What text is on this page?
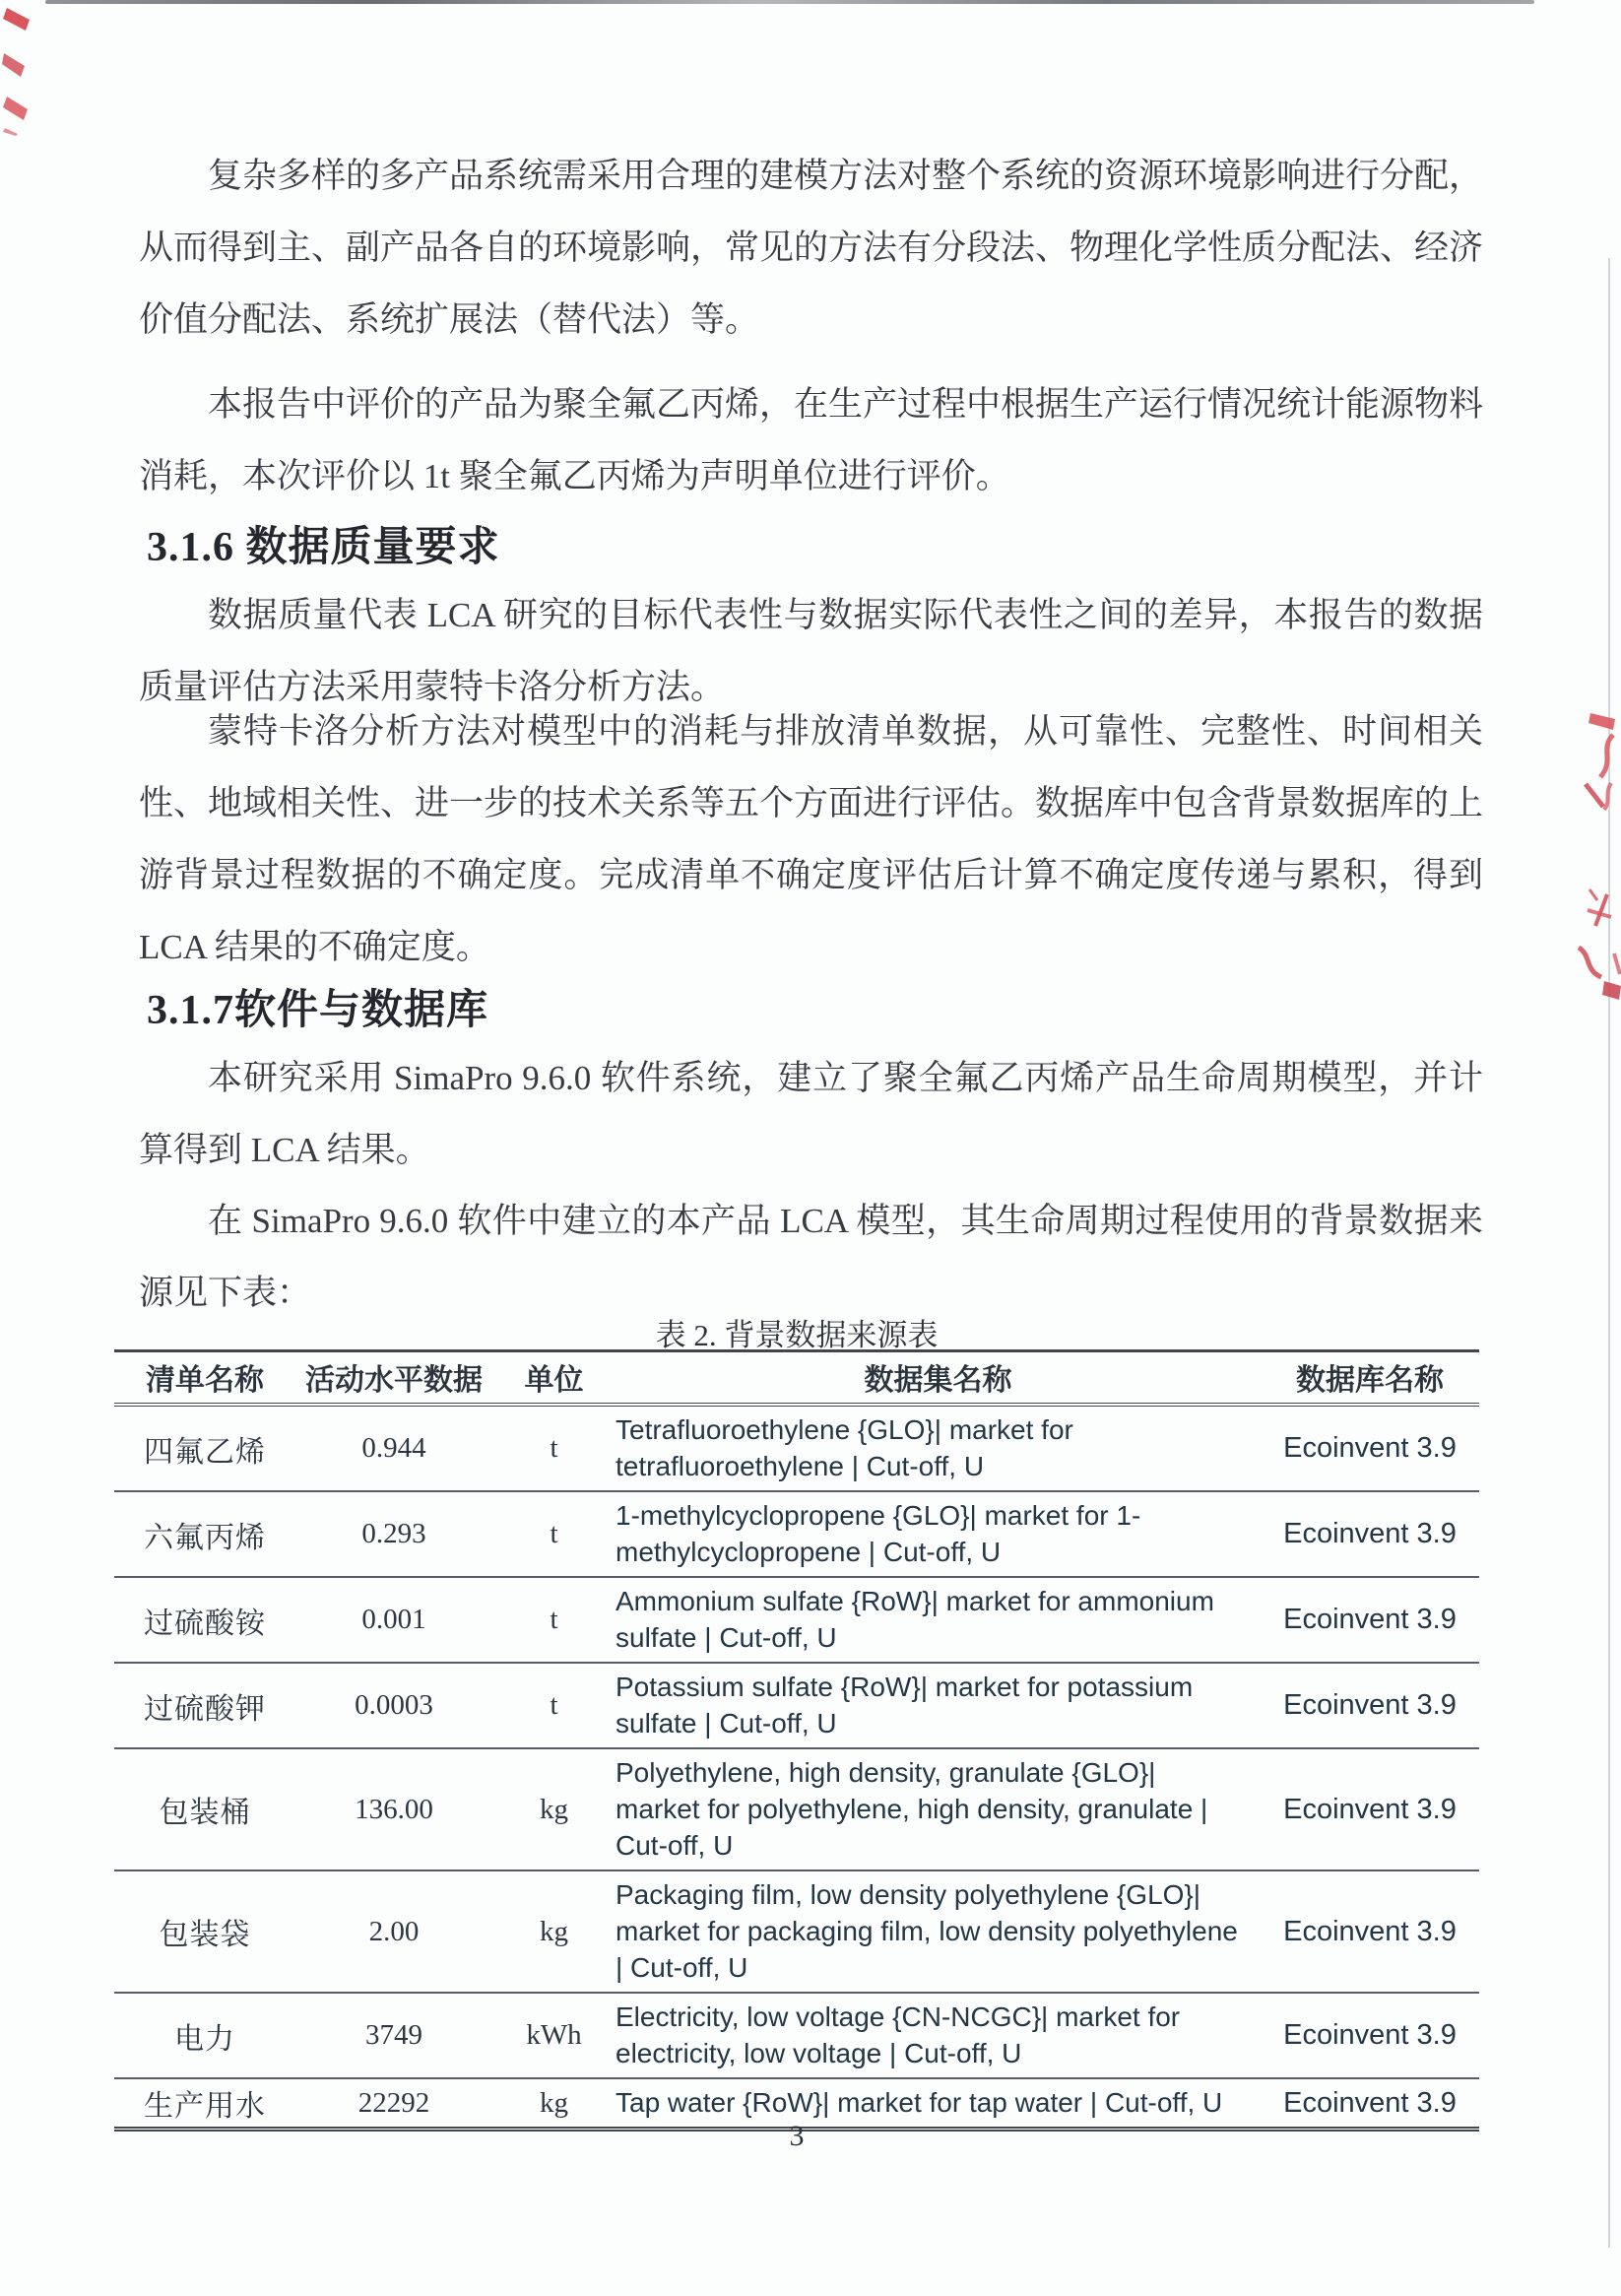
复杂多样的多产品系统需采用合理的建模方法对整个系统的资源环境影响进行分配，从而得到主、副产品各自的环境影响，常见的方法有分段法、物理化学性质分配法、经济价值分配法、系统扩展法（替代法）等。

本报告中评价的产品为聚全氟乙丙烯，在生产过程中根据生产运行情况统计能源物料消耗，本次评价以 1t 聚全氟乙丙烯为声明单位进行评价。

3.1.6 数据质量要求

数据质量代表 LCA 研究的目标代表性与数据实际代表性之间的差异，本报告的数据质量评估方法采用蒙特卡洛分析方法。

蒙特卡洛分析方法对模型中的消耗与排放清单数据，从可靠性、完整性、时间相关性、地域相关性、进一步的技术关系等五个方面进行评估。数据库中包含背景数据库的上游背景过程数据的不确定度。完成清单不确定度评估后计算不确定度传递与累积，得到 LCA 结果的不确定度。

3.1.7软件与数据库

本研究采用 SimaPro 9.6.0 软件系统，建立了聚全氟乙丙烯产品生命周期模型，并计算得到 LCA 结果。

在 SimaPro 9.6.0 软件中建立的本产品 LCA 模型，其生命周期过程使用的背景数据来源见下表：

表 2. 背景数据来源表
清单名称	活动水平数据	单位	数据集名称	数据库名称
四氟乙烯	0.944	t	Tetrafluoroethylene {GLO}| market for tetrafluoroethylene | Cut-off, U	Ecoinvent 3.9
六氟丙烯	0.293	t	1-methylcyclopropene {GLO}| market for 1-methylcyclopropene | Cut-off, U	Ecoinvent 3.9
过硫酸铵	0.001	t	Ammonium sulfate {RoW}| market for ammonium sulfate | Cut-off, U	Ecoinvent 3.9
过硫酸钾	0.0003	t	Potassium sulfate {RoW}| market for potassium sulfate | Cut-off, U	Ecoinvent 3.9
包装桶	136.00	kg	Polyethylene, high density, granulate {GLO}| market for polyethylene, high density, granulate | Cut-off, U	Ecoinvent 3.9
包装袋	2.00	kg	Packaging film, low density polyethylene {GLO}| market for packaging film, low density polyethylene | Cut-off, U	Ecoinvent 3.9
电力	3749	kWh	Electricity, low voltage {CN-NCGC}| market for electricity, low voltage | Cut-off, U	Ecoinvent 3.9
生产用水	22292	kg	Tap water {RoW}| market for tap water | Cut-off, U	Ecoinvent 3.9
3
